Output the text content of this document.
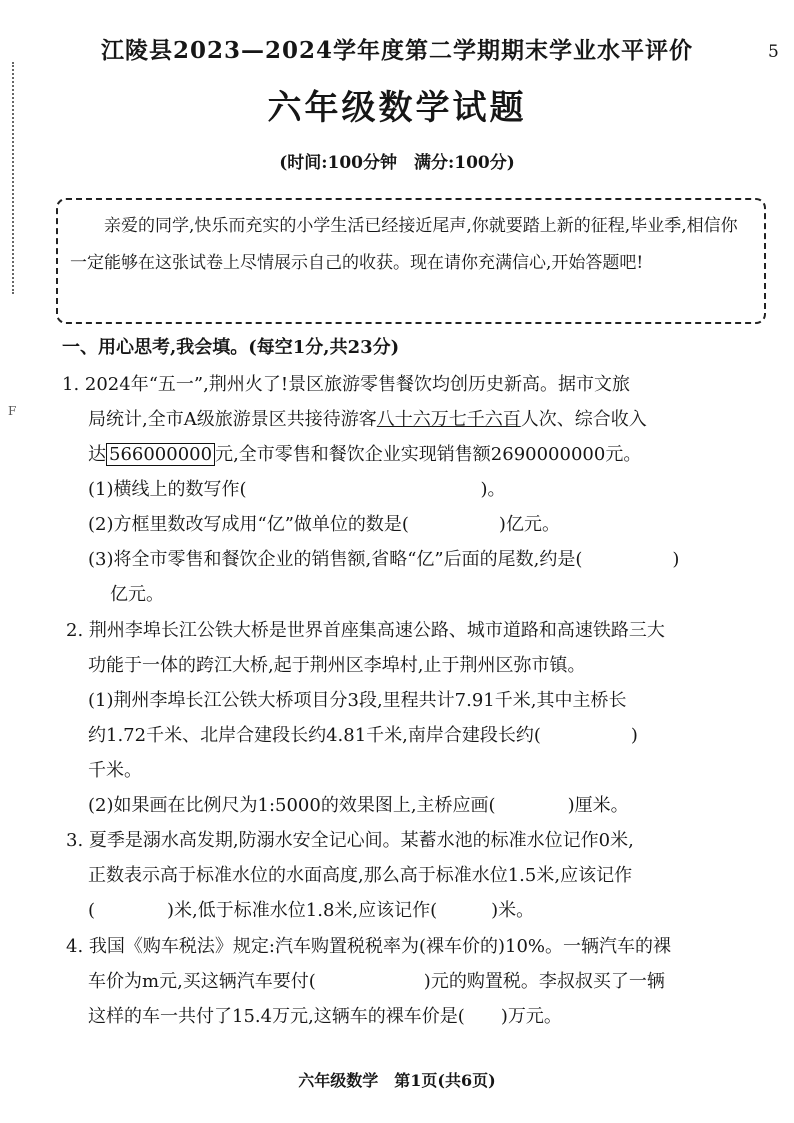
5
F
江陵县2023—2024学年度第二学期期末学业水平评价
六年级数学试题
(时间:100分钟　满分:100分)

亲爱的同学,快乐而充实的小学生活已经接近尾声,你就要踏上新的征程,毕业季,相信你一定能够在这张试卷上尽情展示自己的收获。现在请你充满信心,开始答题吧!

一、用心思考,我会填。(每空1分,共23分)
1. 2024年“五一”,荆州火了!景区旅游零售餐饮均创历史新高。据市文旅
局统计,全市A级旅游景区共接待游客八十六万七千六百人次、综合收入
达 566000000 元,全市零售和餐饮企业实现销售额2690000000元。
(1)横线上的数写作(　　　　　　　　　　　　　)。
(2)方框里数改写成用“亿”做单位的数是(　　　　　)亿元。
(3)将全市零售和餐饮企业的销售额,省略“亿”后面的尾数,约是(　　　　　)
亿元。
2. 荆州李埠长江公铁大桥是世界首座集高速公路、城市道路和高速铁路三大
功能于一体的跨江大桥,起于荆州区李埠村,止于荆州区弥市镇。
(1)荆州李埠长江公铁大桥项目分3段,里程共计7.91千米,其中主桥长
约1.72千米、北岸合建段长约4.81千米,南岸合建段长约(　　　　　)
千米。
(2)如果画在比例尺为1:5000的效果图上,主桥应画(　　　　)厘米。
3. 夏季是溺水高发期,防溺水安全记心间。某蓄水池的标准水位记作0米,
正数表示高于标准水位的水面高度,那么高于标准水位1.5米,应该记作
(　　　　)米,低于标准水位1.8米,应该记作(　　　)米。
4. 我国《购车税法》规定:汽车购置税税率为(裸车价的)10%。一辆汽车的裸
车价为m元,买这辆汽车要付(　　　　　　)元的购置税。李叔叔买了一辆
这样的车一共付了15.4万元,这辆车的裸车价是(　　)万元。
六年级数学　第1页(共6页)
